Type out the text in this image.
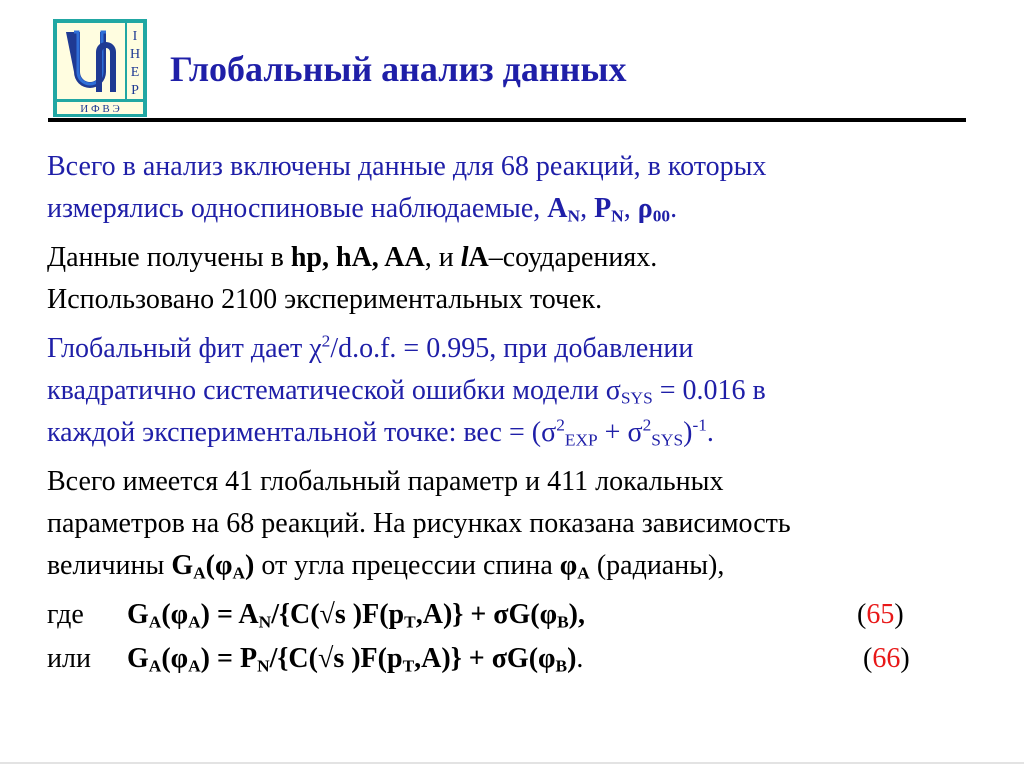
I
H
E
P
И Ф В Э
Глобальный анализ данных
Всего в анализ включены данные для 68 реакций, в которых
измерялись односпиновые наблюдаемые, $A_N$, $P_N$, $\rho_{00}$.
Данные получены в hp, hA, AA, и lA–соударениях.
Использовано 2100 экспериментальных точек.
Глобальный фит дает $\chi^2/d.o.f$. = 0.995, при добавлении
квадратично систематической ошибки модели $\sigma_{SYS} = 0.016$ в
каждой экспериментальной точке: вес = $(\sigma^2_{EXP} + \sigma^2_{SYS})^{-1}$.
Всего имеется 41 глобальный параметр и 411 локальных
параметров на 68 реакций. На рисунках показана зависимость
величины $G_A(\varphi_A)$ от угла прецессии спина $\varphi_A$ (радианы),
где $G_A(\varphi_A) = A_N/\{C(√s$ )$F(p_T,A)\} + \sigma G(\varphi_B)$,	(65)
или $G_A(\varphi_A) = P_N/\{C(√s$ )$F(p_T,A)\} + \sigma G(\varphi_B)$.	(66)
